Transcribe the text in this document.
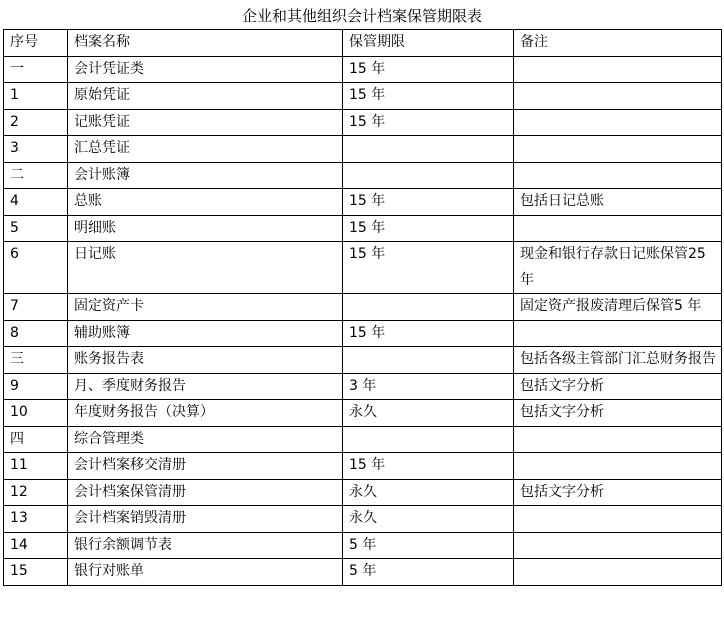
企业和其他组织会计档案保管期限表
序号	档案名称	保管期限	备注
一	会计凭证类	15 年	
1	原始凭证	15 年	
2	记账凭证	15 年	
3	汇总凭证		
二	会计账簿		
4	总账	15 年	包括日记总账
5	明细账	15 年	
6	日记账	15 年	现金和银行存款日记账保管25 年
7	固定资产卡		固定资产报废清理后保管5 年
8	辅助账簿	15 年	
三	账务报告表		包括各级主管部门汇总财务报告
9	月、季度财务报告	3 年	包括文字分析
10	年度财务报告（决算）	永久	包括文字分析
四	综合管理类		
11	会计档案移交清册	15 年	
12	会计档案保管清册	永久	包括文字分析
13	会计档案销毁清册	永久	
14	银行余额调节表	5 年	
15	银行对账单	5 年	
